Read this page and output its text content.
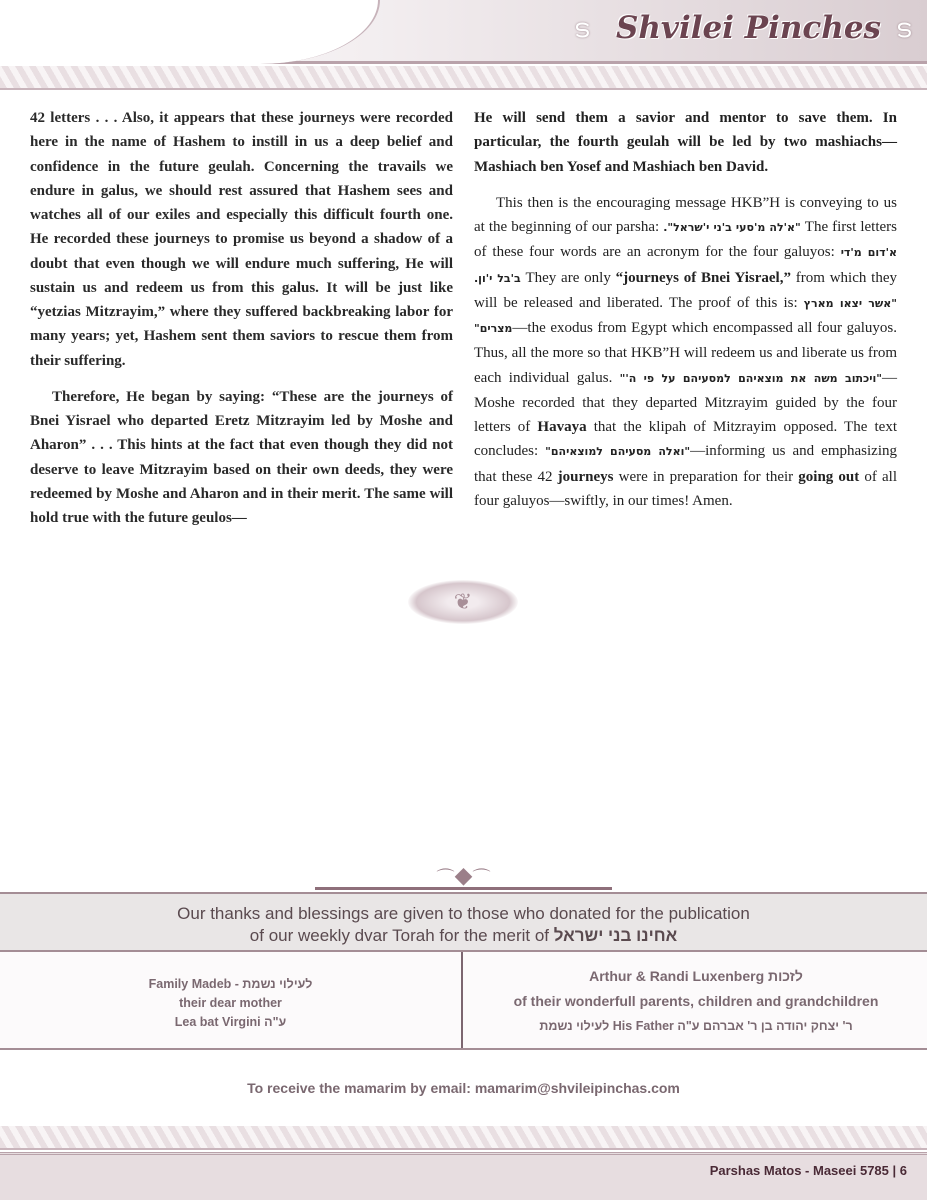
ട Shvilei Pinches ട

42 letters . . . Also, it appears that these journeys were recorded here in the name of Hashem to instill in us a deep belief and confidence in the future geulah. Concerning the travails we endure in galus, we should rest assured that Hashem sees and watches all of our exiles and especially this difficult fourth one. He recorded these journeys to promise us beyond a shadow of a doubt that even though we will endure much suffering, He will sustain us and redeem us from this galus. It will be just like “yetzias Mitzrayim,” where they suffered backbreaking labor for many years; yet, Hashem sent them saviors to rescue them from their suffering.

Therefore, He began by saying: “These are the journeys of Bnei Yisrael who departed Eretz Mitzrayim led by Moshe and Aharon” . . . This hints at the fact that even though they did not deserve to leave Mitzrayim based on their own deeds, they were redeemed by Moshe and Aharon and in their merit. The same will hold true with the future geulos—

He will send them a savior and mentor to save them. In particular, the fourth geulah will be led by two mashiachs—Mashiach ben Yosef and Mashiach ben David.

This then is the encouraging message HKB”H is conveying to us at the beginning of our parsha: "א'לה מ'סעי ב'ני י'שראל". The first letters of these four words are an acronym for the four galuyos: א'דום מ'די ב'בל י'ון. They are only “journeys of Bnei Yisrael,” from which they will be released and liberated. The proof of this is: "אשר יצאו מארץ מצרים"—the exodus from Egypt which encompassed all four galuyos. Thus, all the more so that HKB”H will redeem us and liberate us from each individual galus. "ויכתוב משה את מוצאיהם למסעיהם על פי ה'"—Moshe recorded that they departed Mitzrayim guided by the four letters of Havaya that the klipah of Mitzrayim opposed. The text concludes: "ואלה מסעיהם למוצאיהם"—informing us and emphasizing that these 42 journeys were in preparation for their going out of all four galuyos—swiftly, in our times! Amen.

❦
⌒◆⌒
Our thanks and blessings are given to those who donated for the publication
of our weekly dvar Torah for the merit of אחינו בני ישראל
Family Madeb - לעילוי נשמת
their dear mother
Lea bat Virgini ע"ה
Arthur & Randi Luxenberg לזכות
of their wonderfull parents, children and grandchildren
לעילוי נשמת His Father ר' יצחק יהודה בן ר' אברהם ע"ה
To receive the mamarim by email: mamarim@shvileipinchas.com
Parshas Matos - Maseei 5785 | 6
